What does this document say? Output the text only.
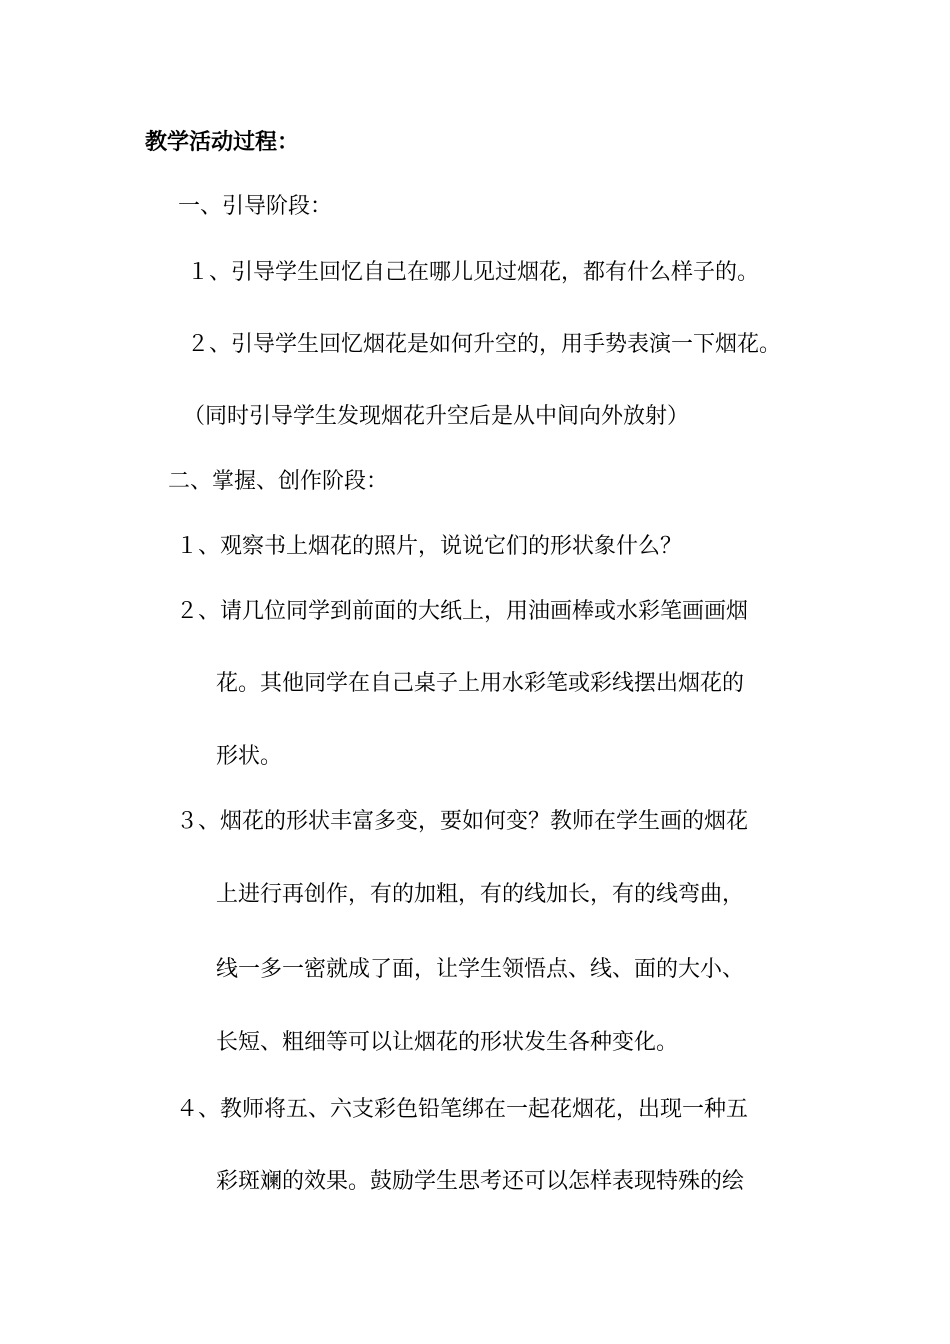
教学活动过程：

一、引导阶段：

１、引导学生回忆自己在哪儿见过烟花，都有什么样子的。

２、引导学生回忆烟花是如何升空的，用手势表演一下烟花。

（同时引导学生发现烟花升空后是从中间向外放射）

二、掌握、创作阶段：

１、观察书上烟花的照片，说说它们的形状象什么？

２、请几位同学到前面的大纸上，用油画棒或水彩笔画画烟

花。其他同学在自己桌子上用水彩笔或彩线摆出烟花的

形状。

３、烟花的形状丰富多变，要如何变？教师在学生画的烟花

上进行再创作，有的加粗，有的线加长，有的线弯曲，

线一多一密就成了面，让学生领悟点、线、面的大小、

长短、粗细等可以让烟花的形状发生各种变化。

４、教师将五、六支彩色铅笔绑在一起花烟花，出现一种五

彩斑斓的效果。鼓励学生思考还可以怎样表现特殊的绘
